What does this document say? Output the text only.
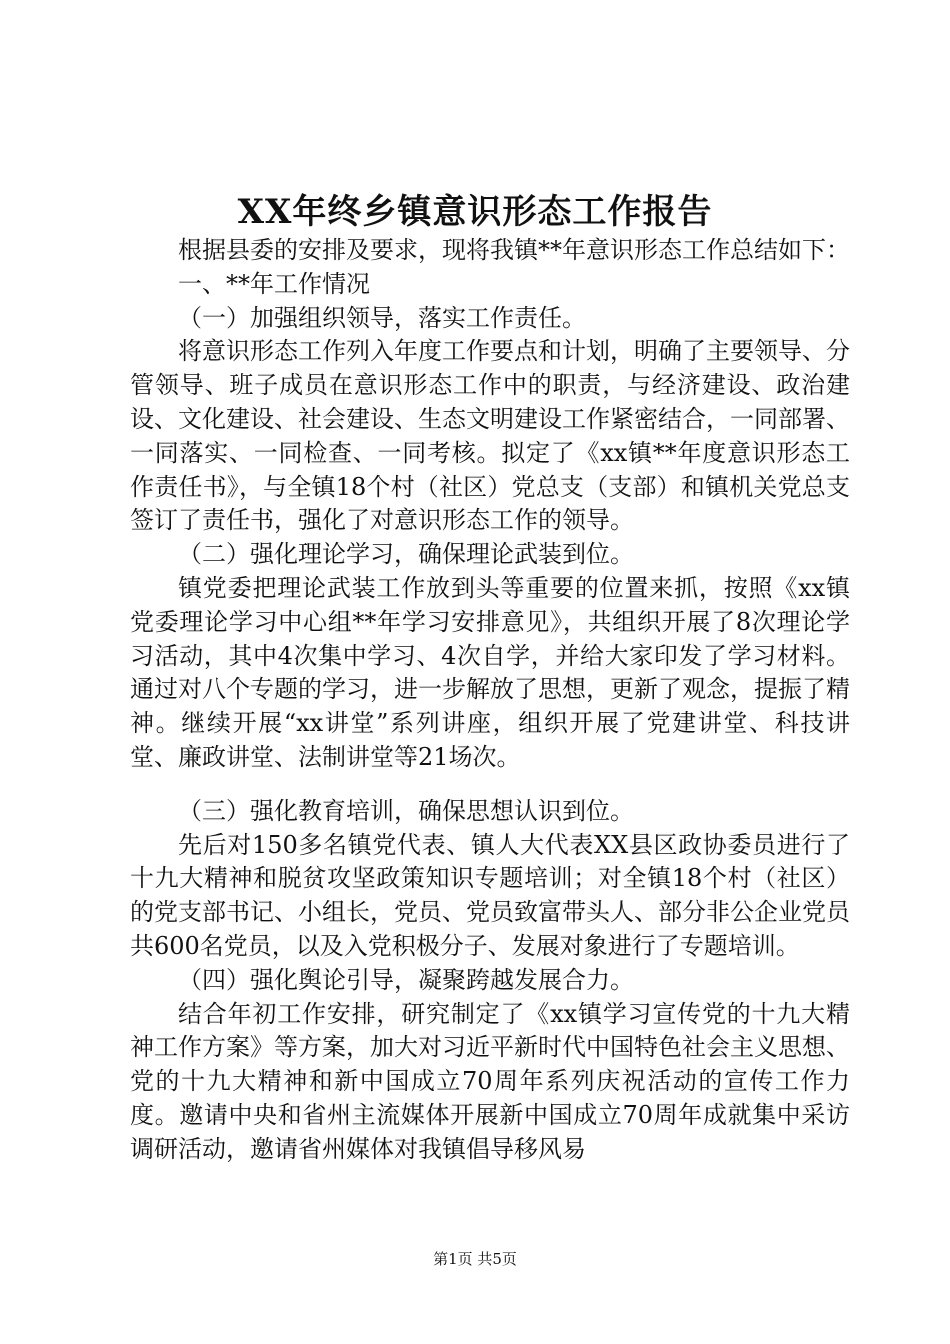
XX年终乡镇意识形态工作报告

根据县委的安排及要求，现将我镇**年意识形态工作总结如下：

一、**年工作情况

（一）加强组织领导，落实工作责任。

将意识形态工作列入年度工作要点和计划，明确了主要领导、分管领导、班子成员在意识形态工作中的职责，与经济建设、政治建设、文化建设、社会建设、生态文明建设工作紧密结合，一同部署、一同落实、一同检查、一同考核。拟定了《xx镇**年度意识形态工作责任书》，与全镇18个村（社区）党总支（支部）和镇机关党总支签订了责任书，强化了对意识形态工作的领导。

（二）强化理论学习，确保理论武装到位。

镇党委把理论武装工作放到头等重要的位置来抓，按照《xx镇党委理论学习中心组**年学习安排意见》，共组织开展了8次理论学习活动，其中4次集中学习、4次自学，并给大家印发了学习材料。通过对八个专题的学习，进一步解放了思想，更新了观念，提振了精神。继续开展“xx讲堂”系列讲座，组织开展了党建讲堂、科技讲堂、廉政讲堂、法制讲堂等21场次。

（三）强化教育培训，确保思想认识到位。

先后对150多名镇党代表、镇人大代表XX县区政协委员进行了十九大精神和脱贫攻坚政策知识专题培训；对全镇18个村（社区）的党支部书记、小组长，党员、党员致富带头人、部分非公企业党员共600名党员，以及入党积极分子、发展对象进行了专题培训。

（四）强化舆论引导，凝聚跨越发展合力。

结合年初工作安排，研究制定了《xx镇学习宣传党的十九大精神工作方案》等方案，加大对习近平新时代中国特色社会主义思想、党的十九大精神和新中国成立70周年系列庆祝活动的宣传工作力度。邀请中央和省州主流媒体开展新中国成立70周年成就集中采访调研活动，邀请省州媒体对我镇倡导移风易

第1页 共5页
